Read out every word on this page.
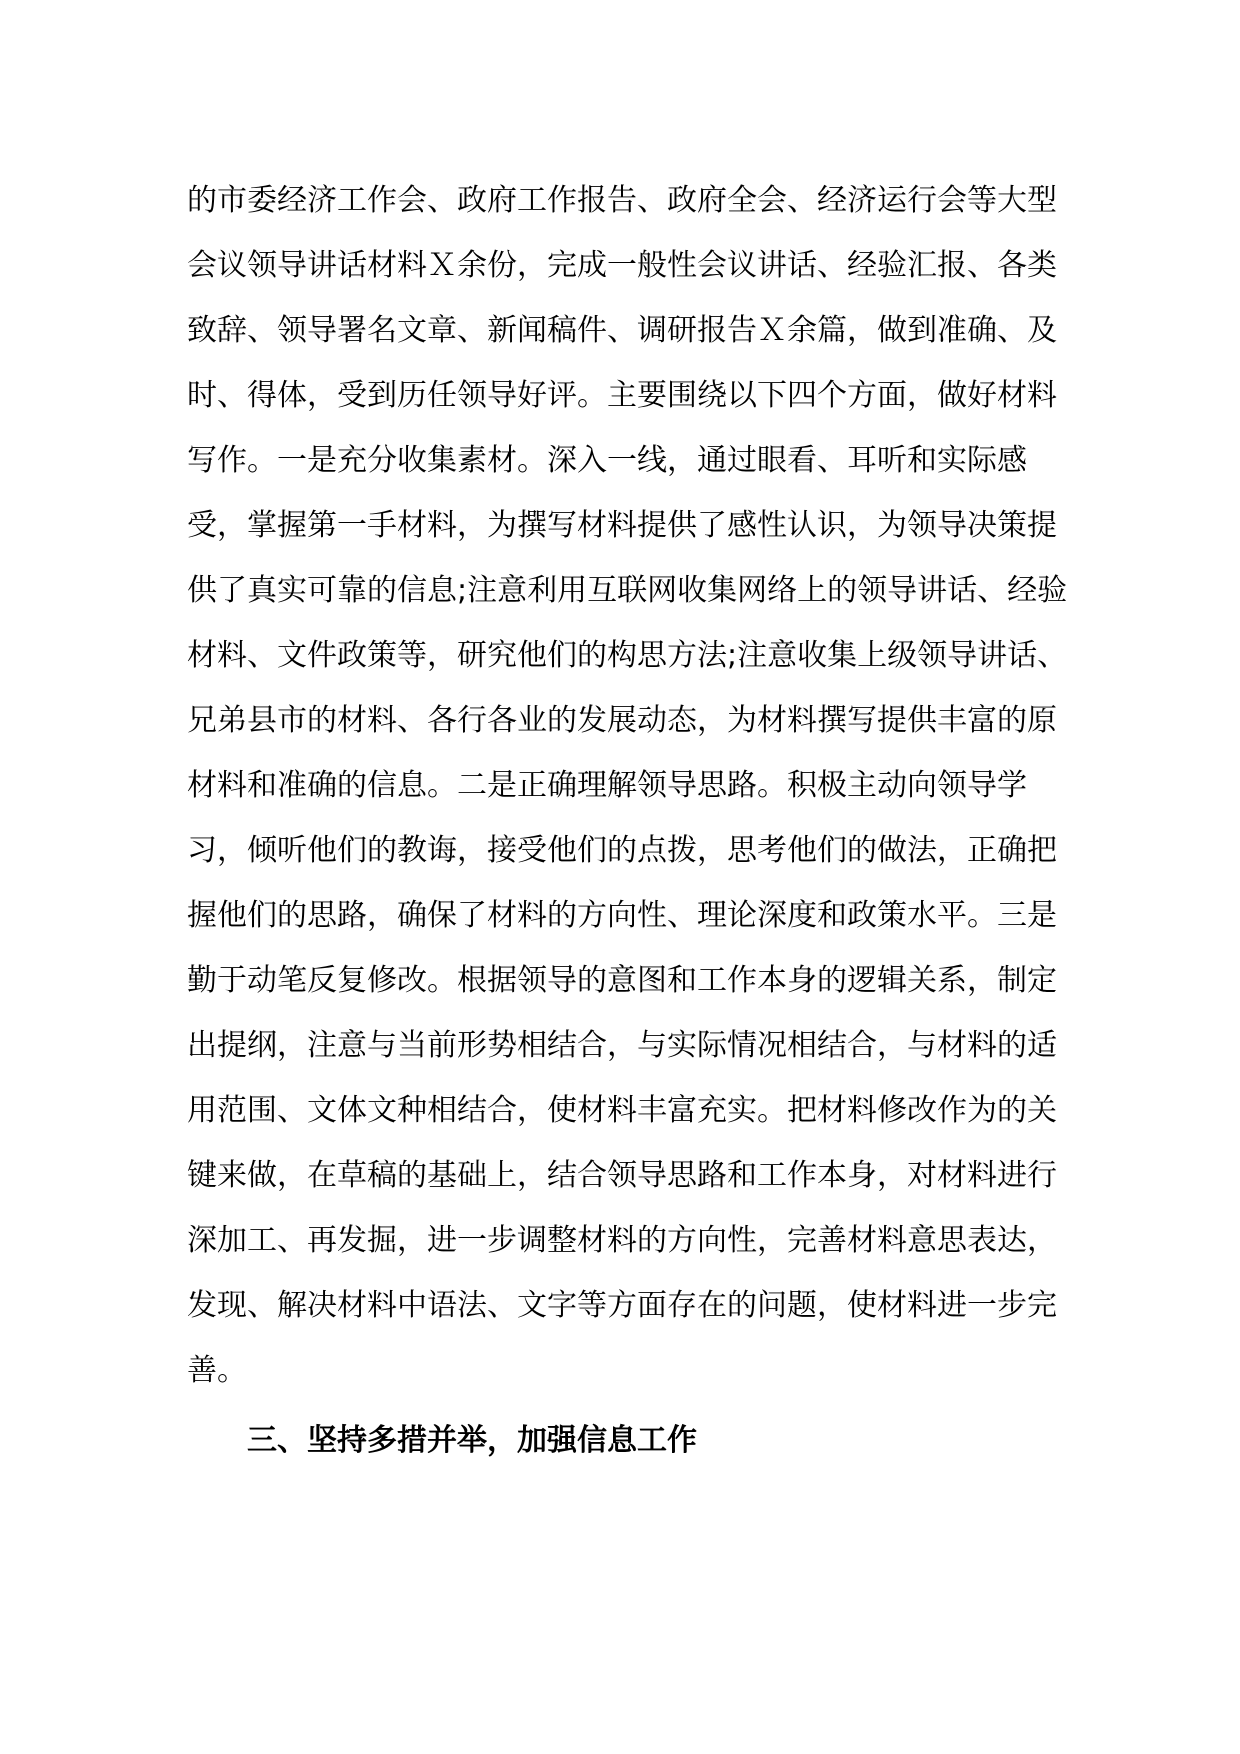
的市委经济工作会、政府工作报告、政府全会、经济运行会等大型
会议领导讲话材料Ｘ余份，完成一般性会议讲话、经验汇报、各类
致辞、领导署名文章、新闻稿件、调研报告Ｘ余篇，做到准确、及
时、得体，受到历任领导好评。主要围绕以下四个方面，做好材料
写作。一是充分收集素材。深入一线，通过眼看、耳听和实际感
受，掌握第一手材料，为撰写材料提供了感性认识，为领导决策提
供了真实可靠的信息;注意利用互联网收集网络上的领导讲话、经验
材料、文件政策等，研究他们的构思方法;注意收集上级领导讲话、
兄弟县市的材料、各行各业的发展动态，为材料撰写提供丰富的原
材料和准确的信息。二是正确理解领导思路。积极主动向领导学
习，倾听他们的教诲，接受他们的点拨，思考他们的做法，正确把
握他们的思路，确保了材料的方向性、理论深度和政策水平。三是
勤于动笔反复修改。根据领导的意图和工作本身的逻辑关系，制定
出提纲，注意与当前形势相结合，与实际情况相结合，与材料的适
用范围、文体文种相结合，使材料丰富充实。把材料修改作为的关
键来做，在草稿的基础上，结合领导思路和工作本身，对材料进行
深加工、再发掘，进一步调整材料的方向性，完善材料意思表达，
发现、解决材料中语法、文字等方面存在的问题，使材料进一步完
善。
三、坚持多措并举，加强信息工作
